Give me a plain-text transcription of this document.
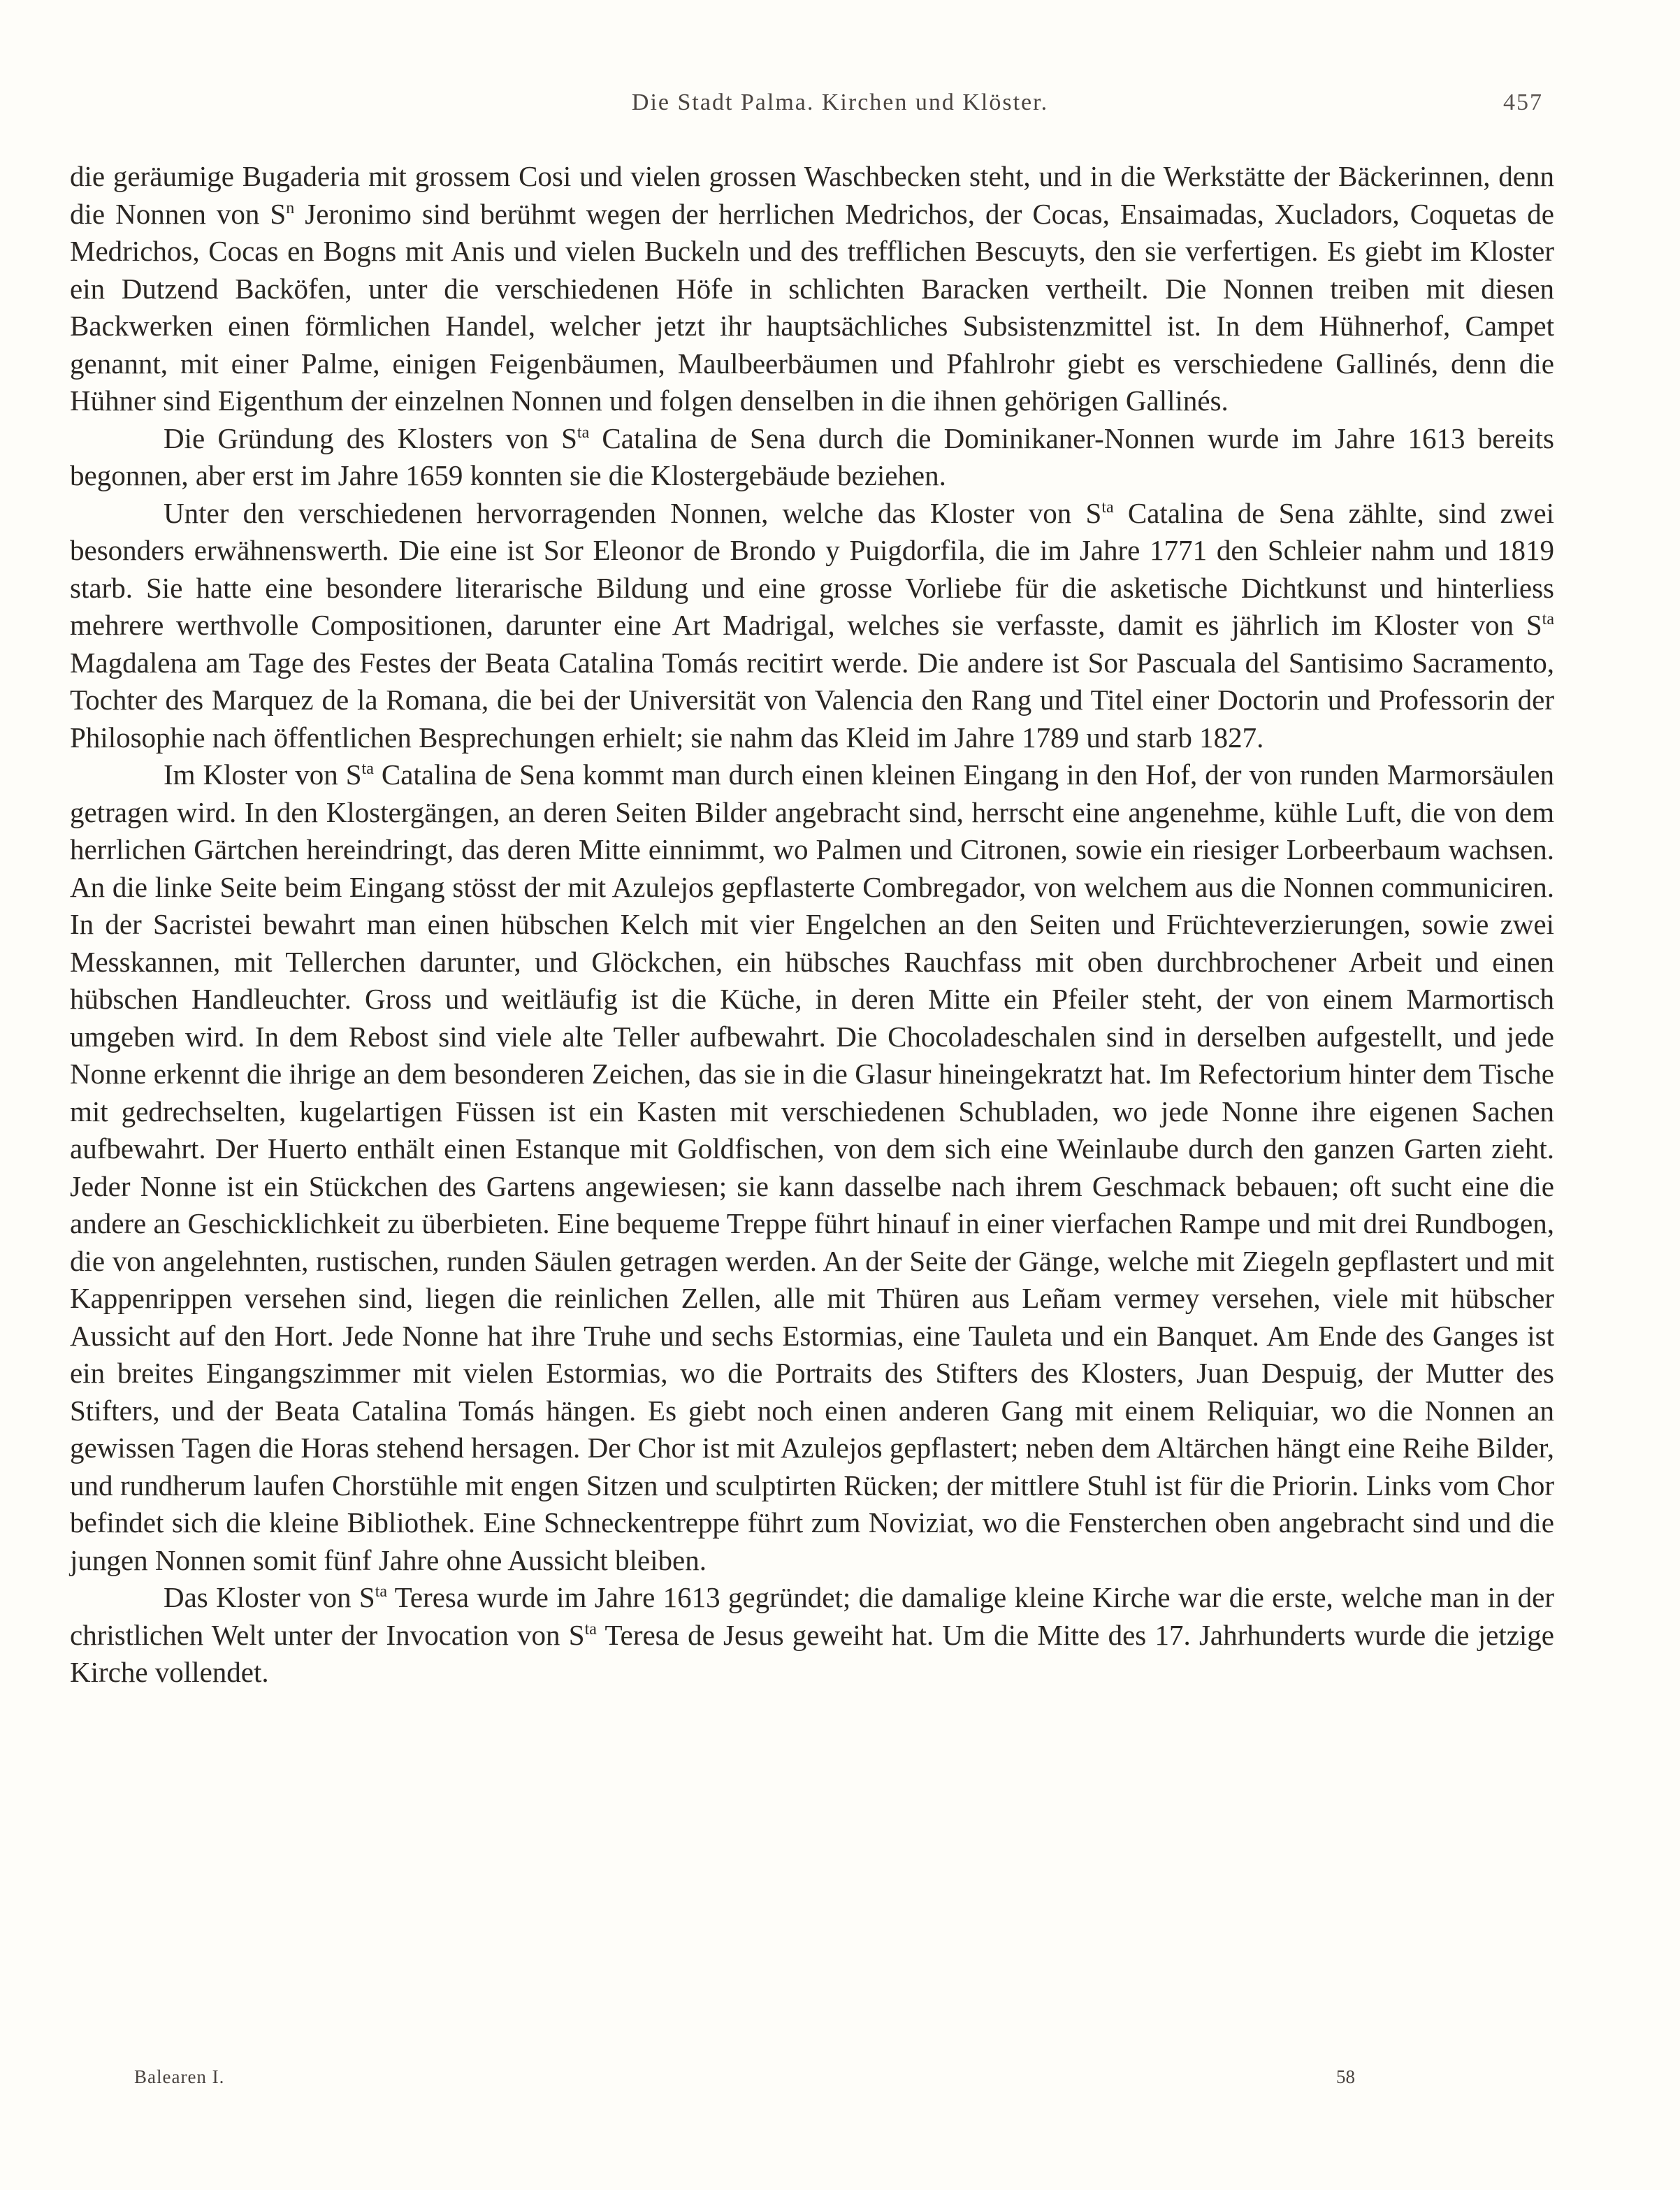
Die Stadt Palma. Kirchen und Klöster.	457

die geräumige Bugaderia mit grossem Cosi und vielen grossen Waschbecken steht, und in die Werkstätte der Bäckerinnen, denn die Nonnen von $S^n$ Jeronimo sind berühmt wegen der herrlichen Medrichos, der Cocas, Ensaimadas, Xucladors, Coquetas de Medrichos, Cocas en Bogns mit Anis und vielen Buckeln und des trefflichen Bescuyts, den sie verfertigen. Es giebt im Kloster ein Dutzend Backöfen, unter die verschiedenen Höfe in schlichten Baracken vertheilt. Die Nonnen treiben mit diesen Backwerken einen förmlichen Handel, welcher jetzt ihr hauptsächliches Subsistenzmittel ist. In dem Hühnerhof, Campet genannt, mit einer Palme, einigen Feigenbäumen, Maulbeerbäumen und Pfahlrohr giebt es verschiedene Gallinés, denn die Hühner sind Eigenthum der einzelnen Nonnen und folgen denselben in die ihnen gehörigen Gallinés.

Die Gründung des Klosters von $S^{ta}$ Catalina de Sena durch die Dominikaner-Nonnen wurde im Jahre 1613 bereits begonnen, aber erst im Jahre 1659 konnten sie die Klostergebäude beziehen.

Unter den verschiedenen hervorragenden Nonnen, welche das Kloster von $S^{ta}$ Catalina de Sena zählte, sind zwei besonders erwähnenswerth. Die eine ist Sor Eleonor de Brondo y Puigdorfila, die im Jahre 1771 den Schleier nahm und 1819 starb. Sie hatte eine besondere literarische Bildung und eine grosse Vorliebe für die asketische Dichtkunst und hinterliess mehrere werthvolle Compositionen, darunter eine Art Madrigal, welches sie verfasste, damit es jährlich im Kloster von $S^{ta}$ Magdalena am Tage des Festes der Beata Catalina Tomás recitirt werde. Die andere ist Sor Pascuala del Santisimo Sacramento, Tochter des Marquez de la Romana, die bei der Universität von Valencia den Rang und Titel einer Doctorin und Professorin der Philosophie nach öffentlichen Besprechungen erhielt; sie nahm das Kleid im Jahre 1789 und starb 1827.

Im Kloster von $S^{ta}$ Catalina de Sena kommt man durch einen kleinen Eingang in den Hof, der von runden Marmorsäulen getragen wird. In den Klostergängen, an deren Seiten Bilder angebracht sind, herrscht eine angenehme, kühle Luft, die von dem herrlichen Gärtchen hereindringt, das deren Mitte einnimmt, wo Palmen und Citronen, sowie ein riesiger Lorbeerbaum wachsen. An die linke Seite beim Eingang stösst der mit Azulejos gepflasterte Combregador, von welchem aus die Nonnen communiciren. In der Sacristei bewahrt man einen hübschen Kelch mit vier Engelchen an den Seiten und Früchteverzierungen, sowie zwei Messkannen, mit Tellerchen darunter, und Glöckchen, ein hübsches Rauchfass mit oben durchbrochener Arbeit und einen hübschen Handleuchter. Gross und weitläufig ist die Küche, in deren Mitte ein Pfeiler steht, der von einem Marmortisch umgeben wird. In dem Rebost sind viele alte Teller aufbewahrt. Die Chocoladeschalen sind in derselben aufgestellt, und jede Nonne erkennt die ihrige an dem besonderen Zeichen, das sie in die Glasur hineingekratzt hat. Im Refectorium hinter dem Tische mit gedrechselten, kugelartigen Füssen ist ein Kasten mit verschiedenen Schubladen, wo jede Nonne ihre eigenen Sachen aufbewahrt. Der Huerto enthält einen Estanque mit Goldfischen, von dem sich eine Weinlaube durch den ganzen Garten zieht. Jeder Nonne ist ein Stückchen des Gartens angewiesen; sie kann dasselbe nach ihrem Geschmack bebauen; oft sucht eine die andere an Geschicklichkeit zu überbieten. Eine bequeme Treppe führt hinauf in einer vierfachen Rampe und mit drei Rundbogen, die von angelehnten, rustischen, runden Säulen getragen werden. An der Seite der Gänge, welche mit Ziegeln gepflastert und mit Kappenrippen versehen sind, liegen die reinlichen Zellen, alle mit Thüren aus Leñam vermey versehen, viele mit hübscher Aussicht auf den Hort. Jede Nonne hat ihre Truhe und sechs Estormias, eine Tauleta und ein Banquet. Am Ende des Ganges ist ein breites Eingangszimmer mit vielen Estormias, wo die Portraits des Stifters des Klosters, Juan Despuig, der Mutter des Stifters, und der Beata Catalina Tomás hängen. Es giebt noch einen anderen Gang mit einem Reliquiar, wo die Nonnen an gewissen Tagen die Horas stehend hersagen. Der Chor ist mit Azulejos gepflastert; neben dem Altärchen hängt eine Reihe Bilder, und rundherum laufen Chorstühle mit engen Sitzen und sculptirten Rücken; der mittlere Stuhl ist für die Priorin. Links vom Chor befindet sich die kleine Bibliothek. Eine Schneckentreppe führt zum Noviziat, wo die Fensterchen oben angebracht sind und die jungen Nonnen somit fünf Jahre ohne Aussicht bleiben.

Das Kloster von $S^{ta}$ Teresa wurde im Jahre 1613 gegründet; die damalige kleine Kirche war die erste, welche man in der christlichen Welt unter der Invocation von $S^{ta}$ Teresa de Jesus geweiht hat. Um die Mitte des 17. Jahrhunderts wurde die jetzige Kirche vollendet.

Balearen I.	58
